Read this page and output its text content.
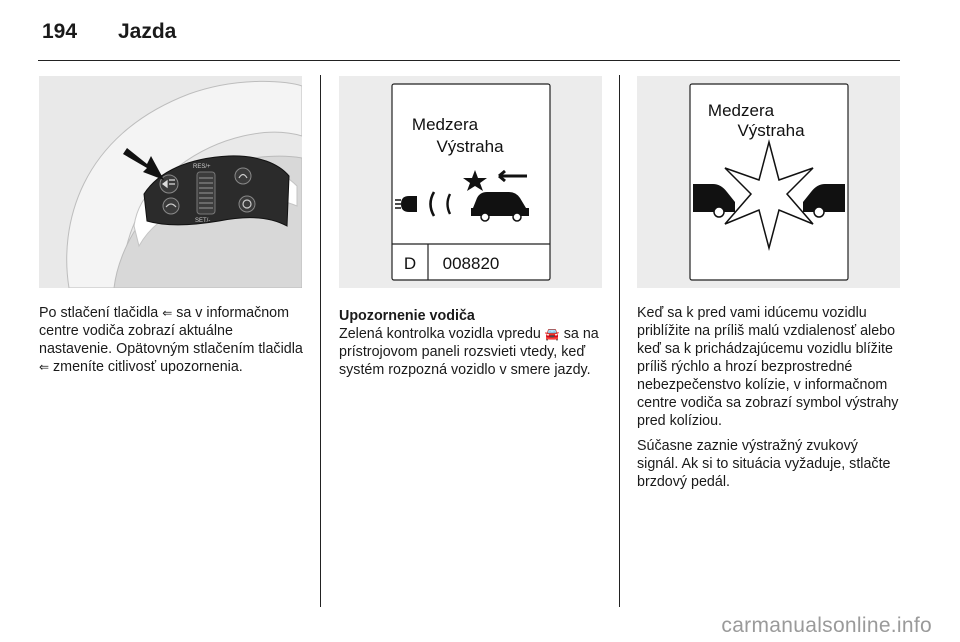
194 Jazda
RES/+
SET/-
Medzera
Výstraha
D 008820
Medzera
Výstraha

Po stlačení tlačidla ⇐ sa v informačnom centre vodiča zobrazí aktuálne nastavenie. Opätovným stlačením tlačidla ⇐ zmeníte citlivosť upozornenia.

Upozornenie vodiča

Zelená kontrolka vozidla vpredu 🚘 sa na prístrojovom paneli rozsvieti vtedy, keď systém rozpozná vozidlo v smere jazdy.

Keď sa k pred vami idúcemu vozidlu priblížite na príliš malú vzdialenosť alebo keď sa k prichádzajúcemu vozidlu blížite príliš rýchlo a hrozí bezprostredné nebezpečenstvo kolízie, v informačnom centre vodiča sa zobrazí symbol výstrahy pred kolíziou.

Súčasne zaznie výstražný zvukový signál. Ak si to situácia vyžaduje, stlačte brzdový pedál.

carmanualsonline.info
